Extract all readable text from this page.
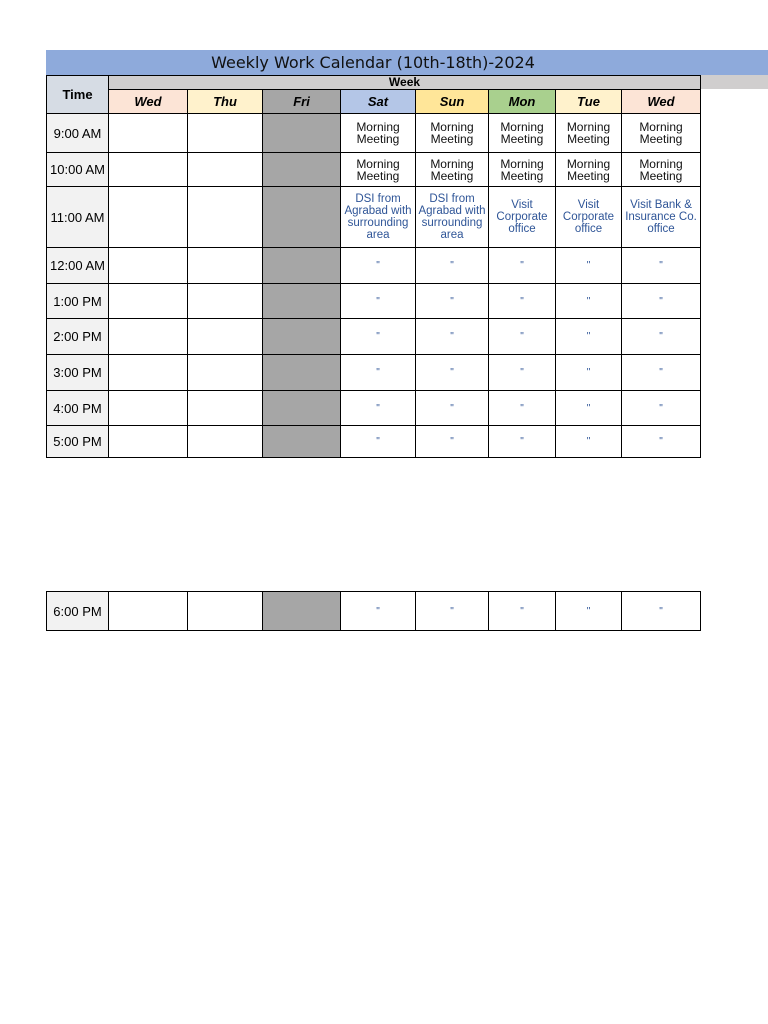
Weekly Work Calendar (10th-18th)-2024
Time	Week							
	Wed	Thu	Fri	Sat	Sun	Mon	Tue	Wed
9:00 AM				Morning Meeting	Morning Meeting	Morning Meeting	Morning Meeting	Morning Meeting
10:00 AM				Morning Meeting	Morning Meeting	Morning Meeting	Morning Meeting	Morning Meeting
11:00 AM				DSI from Agrabad with surrounding area	DSI from Agrabad with surrounding area	Visit Corporate office	Visit Corporate office	Visit Bank & Insurance Co. office
12:00 AM				"	"	"	"	"
1:00 PM				"	"	"	"	"
2:00 PM				"	"	"	"	"
3:00 PM				"	"	"	"	"
4:00 PM				"	"	"	"	"
5:00 PM				"	"	"	"	"
6:00 PM				"	"	"	"	"
